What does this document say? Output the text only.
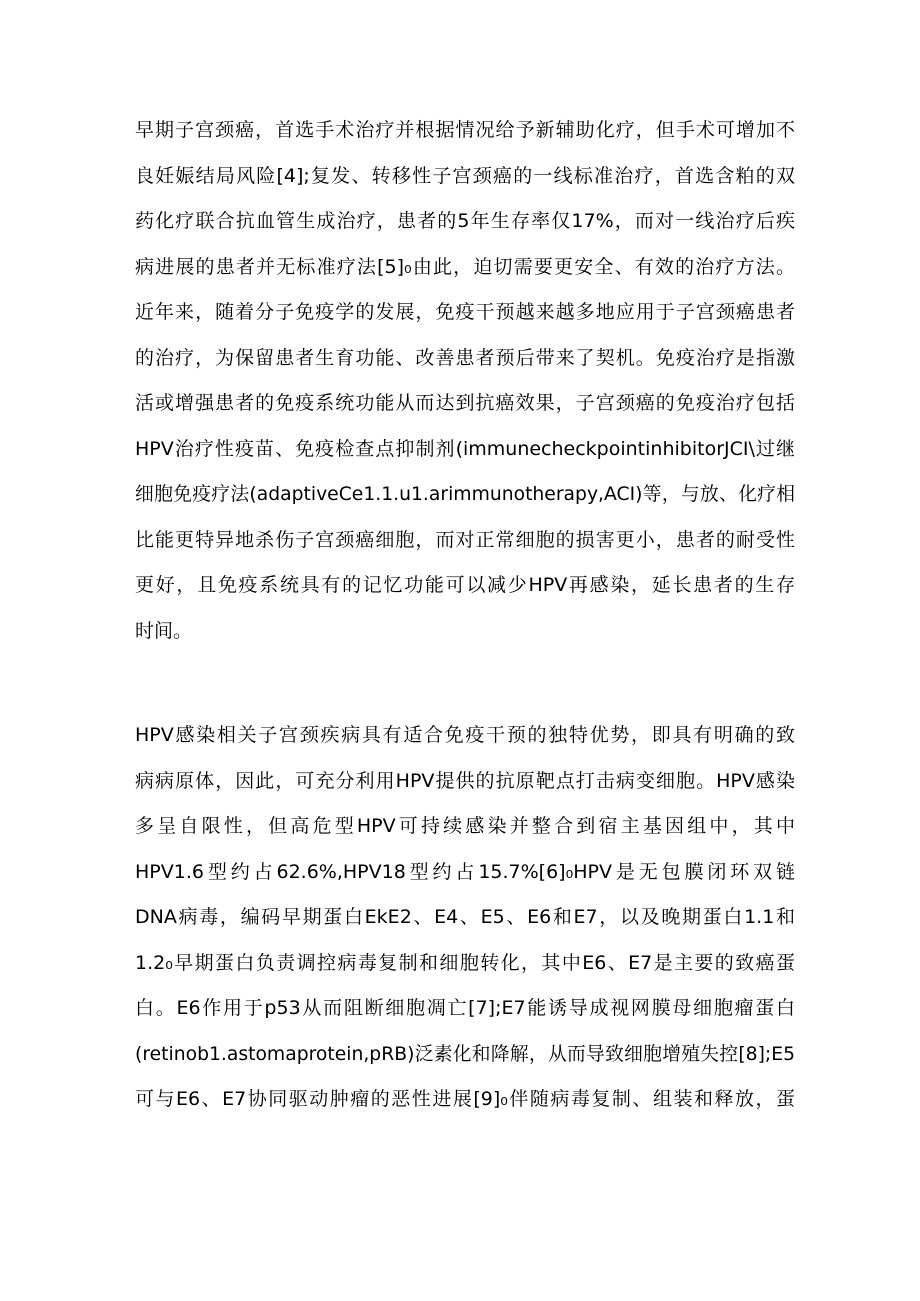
早期子宫颈癌，首选手术治疗并根据情况给予新辅助化疗，但手术可增加不
良妊娠结局风险[4];复发、转移性子宫颈癌的一线标准治疗，首选含粕的双
药化疗联合抗血管生成治疗，患者的5年生存率仅17%，而对一线治疗后疾
病进展的患者并无标准疗法[5]₀由此，迫切需要更安全、有效的治疗方法。
近年来，随着分子免疫学的发展，免疫干预越来越多地应用于子宫颈癌患者
的治疗，为保留患者生育功能、改善患者预后带来了契机。免疫治疗是指激
活或增强患者的免疫系统功能从而达到抗癌效果，子宫颈癌的免疫治疗包括
HPV治疗性疫苗、免疫检查点抑制剂(immunecheckpointinhibitorJCI\过继
细胞免疫疗法(adaptiveCe1.1.u1.arimmunotherapy,ACI)等，与放、化疗相
比能更特异地杀伤子宫颈癌细胞，而对正常细胞的损害更小，患者的耐受性
更好，且免疫系统具有的记忆功能可以减少HPV再感染，延长患者的生存
时间。
HPV感染相关子宫颈疾病具有适合免疫干预的独特优势，即具有明确的致
病病原体，因此，可充分利用HPV提供的抗原靶点打击病变细胞。HPV感染
多呈自限性，但高危型HPV可持续感染并整合到宿主基因组中，其中
HPV1.6型约占62.6%,HPV18型约占15.7%[6]₀HPV是无包膜闭环双链
DNA病毒，编码早期蛋白EkE2、E4、E5、E6和E7，以及晚期蛋白1.1和
1.2₀早期蛋白负责调控病毒复制和细胞转化，其中E6、E7是主要的致癌蛋
白。E6作用于p53从而阻断细胞凋亡[7];E7能诱导成视网膜母细胞瘤蛋白
(retinob1.astomaprotein,pRB)泛素化和降解，从而导致细胞增殖失控[8];E5
可与E6、E7协同驱动肿瘤的恶性进展[9]₀伴随病毒复制、组装和释放，蛋
